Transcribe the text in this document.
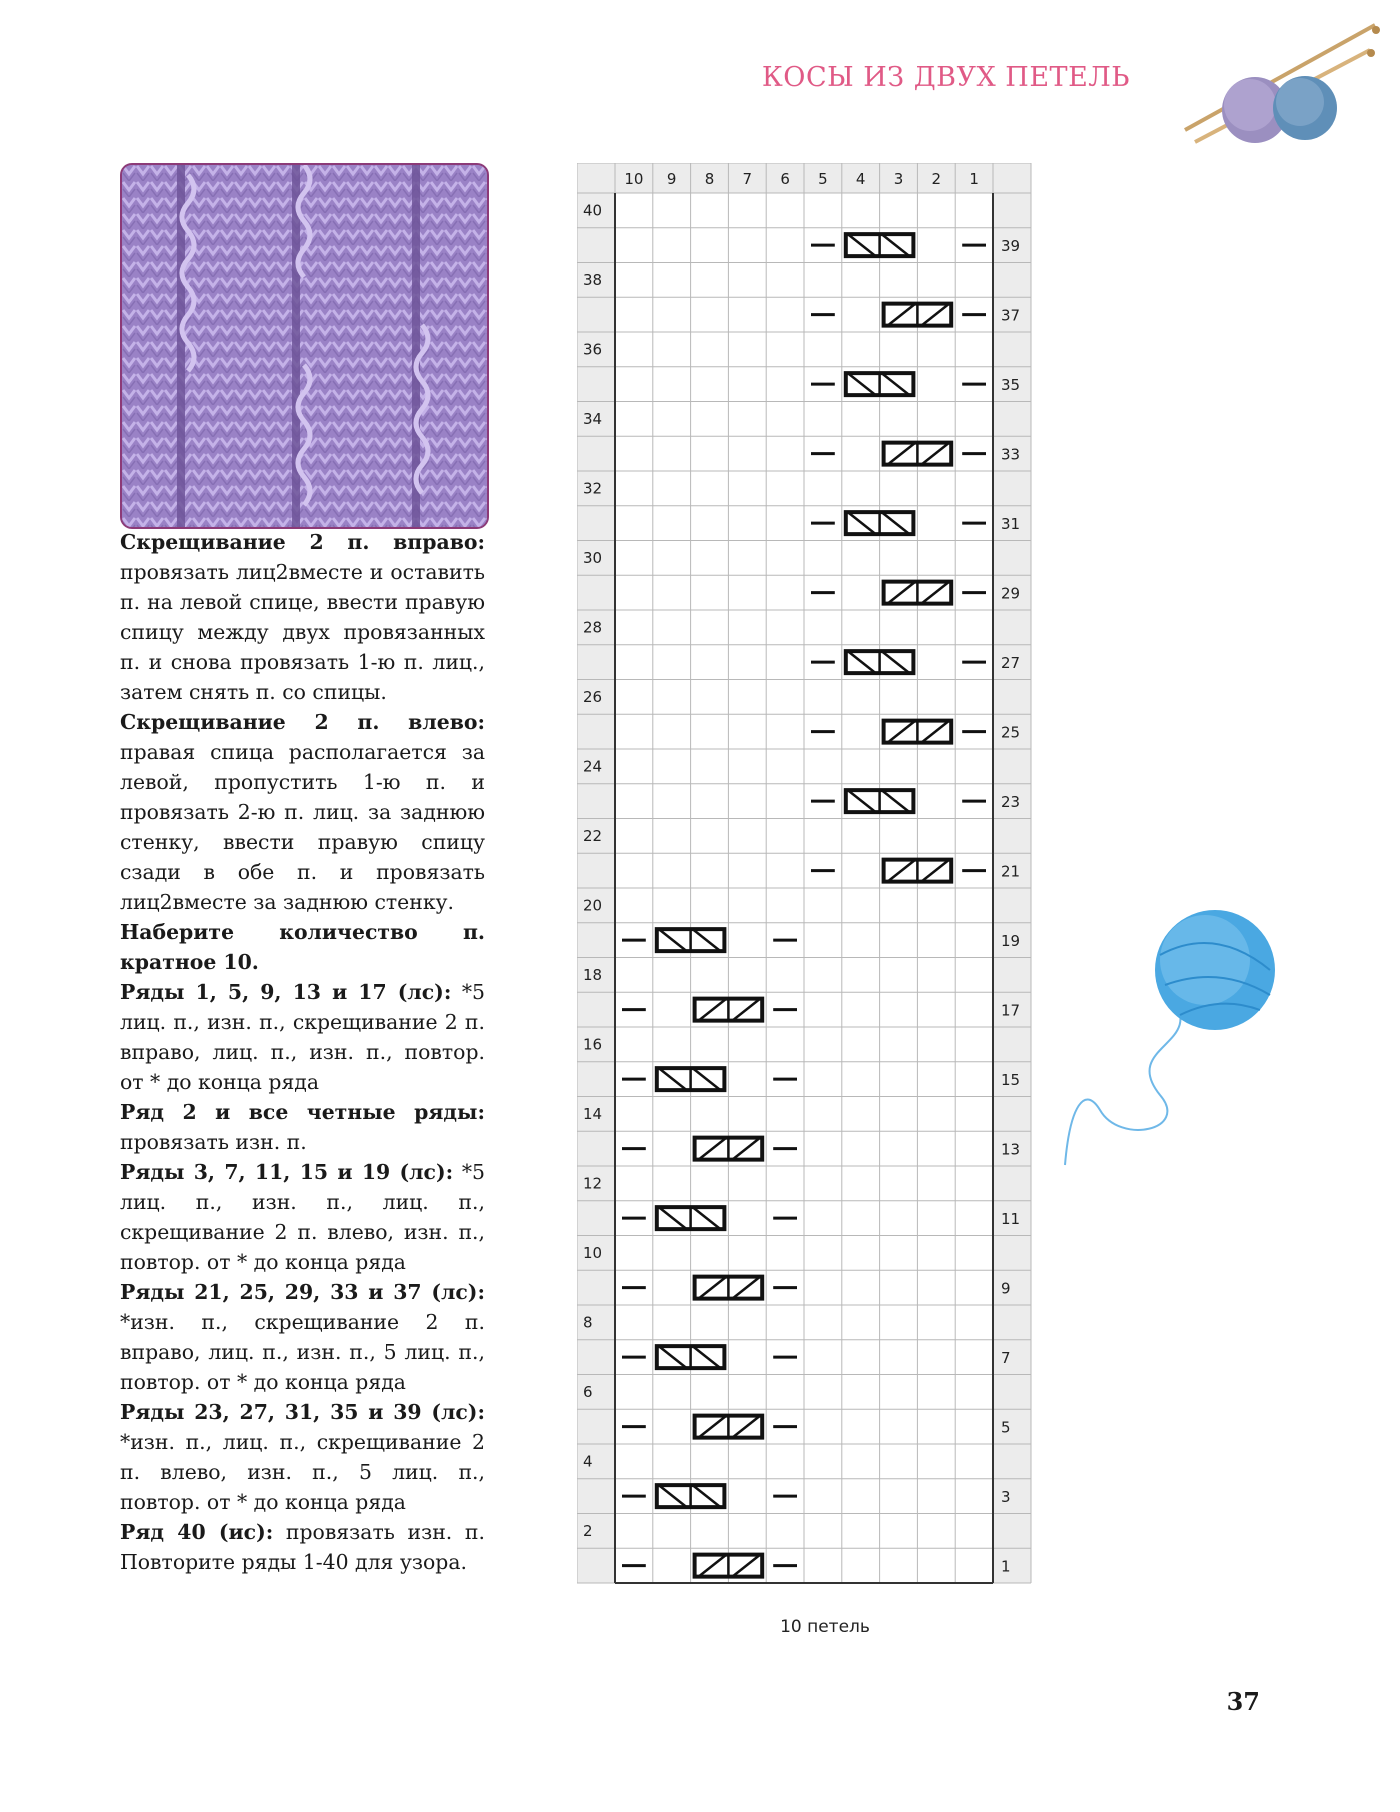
КОСЫ ИЗ ДВУХ ПЕТЕЛЬ

Скрещивание 2 п. вправо: провязать лиц2вместе и оставить п. на левой спице, ввести правую спицу между двух провязанных п. и снова провязать 1-ю п. лиц., затем снять п. со спицы.

Скрещивание 2 п. влево: правая спица располагается за левой, пропустить 1-ю п. и провязать 2-ю п. лиц. за заднюю стенку, ввести правую спицу сзади в обе п. и провязать лиц2вместе за заднюю стенку.

Наберите количество п. кратное 10.

Ряды 1, 5, 9, 13 и 17 (лс): *5 лиц. п., изн. п., скрещивание 2 п. вправо, лиц. п., изн. п., повтор. от * до конца ряда

Ряд 2 и все четные ряды: провязать изн. п.

Ряды 3, 7, 11, 15 и 19 (лс): *5 лиц. п., изн. п., лиц. п., скрещивание 2 п. влево, изн. п., повтор. от * до конца ряда

Ряды 21, 25, 29, 33 и 37 (лс): *изн. п., скрещивание 2 п. вправо, лиц. п., изн. п., 5 лиц. п., повтор. от * до конца ряда

Ряды 23, 27, 31, 35 и 39 (лс): *изн. п., лиц. п., скрещивание 2 п. влево, изн. п., 5 лиц. п., повтор. от * до конца ряда

Ряд 40 (ис): провязать изн. п. Повторите ряды 1-40 для узора.

10 9 8 7 6 5 4 3 2 1
40
38
36
34
32
30
28
26
24
22
20
18
16
14
12
10
8
6
4
2
39
37
35
33
31
29
27
25
23
21
19
17
15
13
11
9
7
5
3
1
10 петель
37
